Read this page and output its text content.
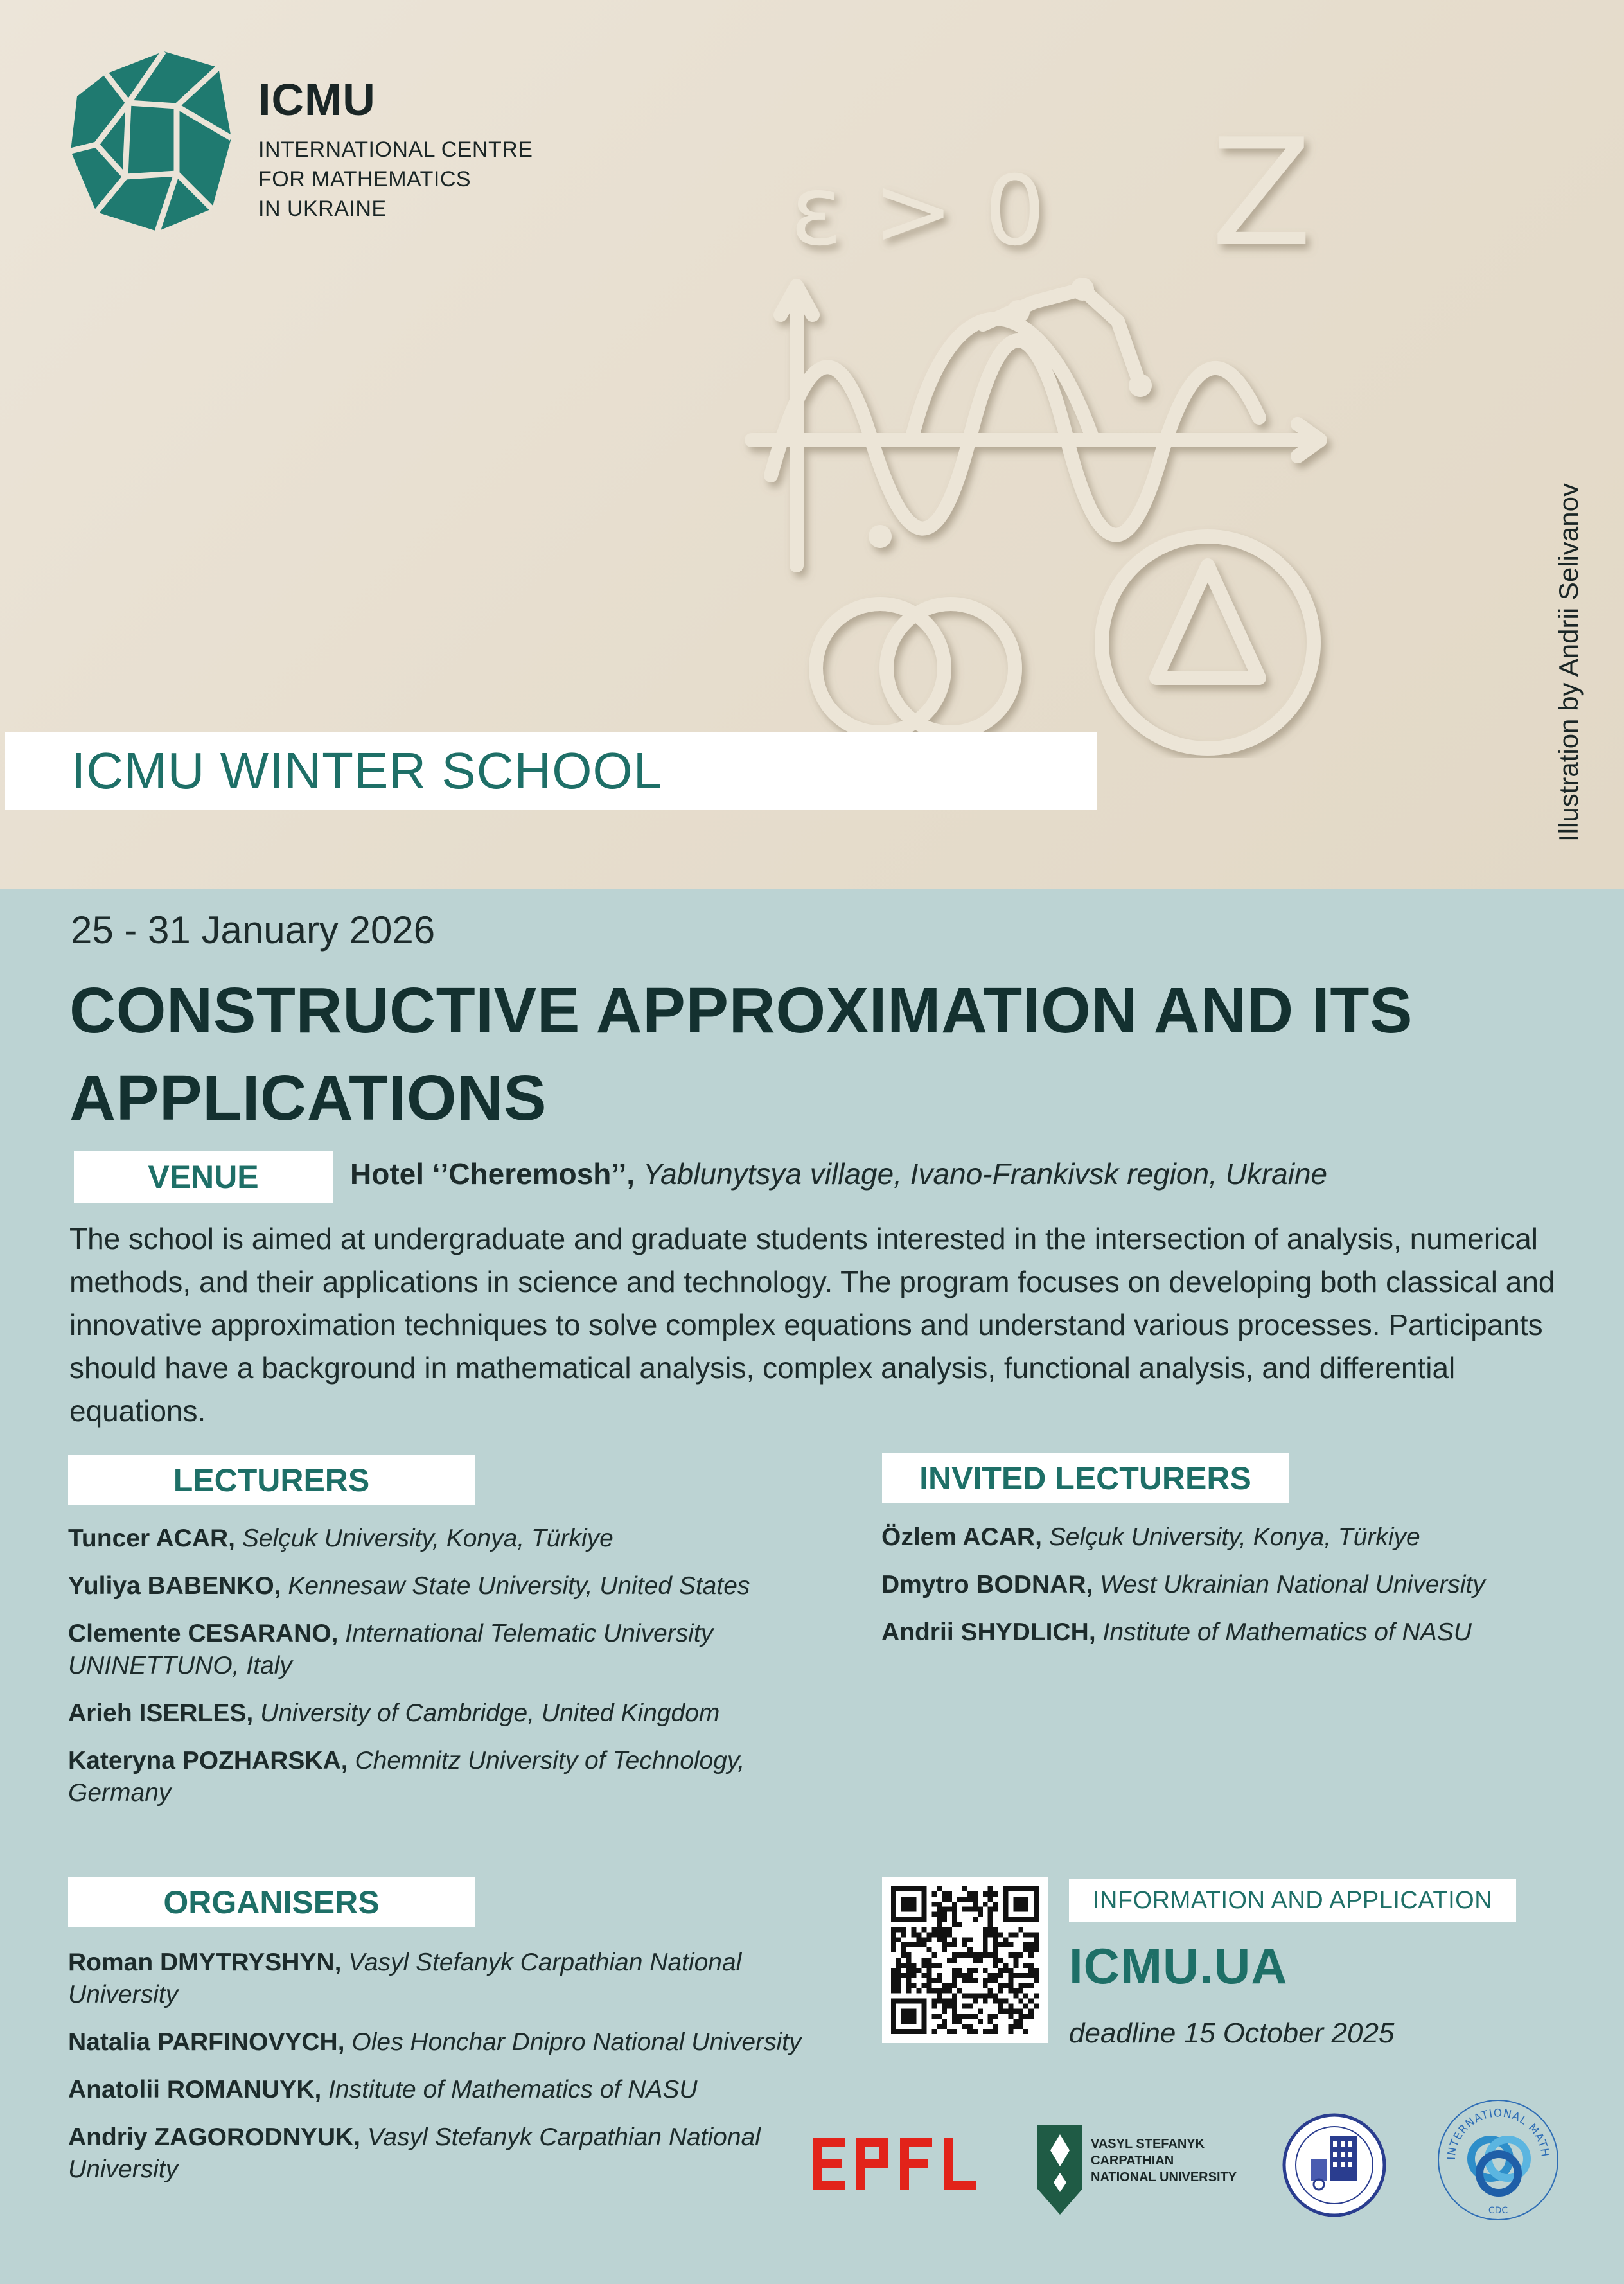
ICMU
INTERNATIONAL CENTRE
FOR MATHEMATICS
IN UKRAINE	ε > 0 Z
ICMU WINTER SCHOOL	Illustration by Andrii Selivanov
25 - 31 January 2026
CONSTRUCTIVE APPROXIMATION AND ITS APPLICATIONS
VENUE	Hotel ‘’Cheremosh’’, Yablunytsya village, Ivano-Frankivsk region, Ukraine

The school is aimed at undergraduate and graduate students interested in the intersection of analysis, numerical methods, and their applications in science and technology. The program focuses on developing both classical and innovative approximation techniques to solve complex equations and understand various processes. Participants should have a background in mathematical analysis, complex analysis, functional analysis, and differential equations.

LECTURERS
Tuncer ACAR, Selçuk University, Konya, Türkiye
Yuliya BABENKO, Kennesaw State University, United States
Clemente CESARANO, International Telematic University UNINETTUNO, Italy
Arieh ISERLES, University of Cambridge, United Kingdom
Kateryna POZHARSKA, Chemnitz University of Technology, Germany
INVITED LECTURERS
Özlem ACAR, Selçuk University, Konya, Türkiye
Dmytro BODNAR, West Ukrainian National University
Andrii SHYDLICH, Institute of Mathematics of NASU
ORGANISERS
Roman DMYTRYSHYN, Vasyl Stefanyk Carpathian National University
Natalia PARFINOVYCH, Oles Honchar Dnipro National University
Anatolii ROMANUYK, Institute of Mathematics of NASU
Andriy ZAGORODNYUK, Vasyl Stefanyk Carpathian National University
INFORMATION AND APPLICATION
ICMU.UA
deadline 15 October 2025
VASYL STEFANYK
CARPATHIAN
NATIONAL UNIVERSITY
INTERNATIONAL MATH
CDC
